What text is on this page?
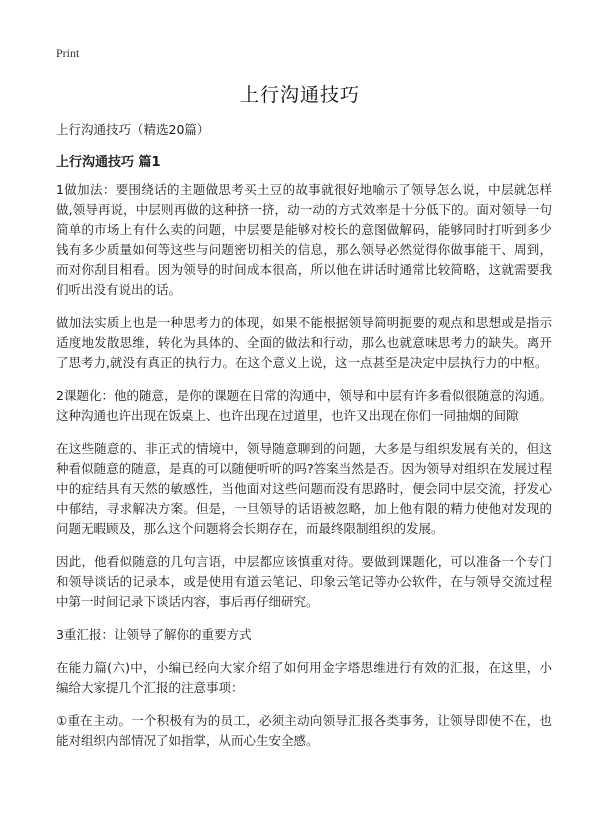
Print
上行沟通技巧

上行沟通技巧（精选20篇）

上行沟通技巧 篇1

1做加法：要围绕话的主题做思考买土豆的故事就很好地喻示了领导怎么说，中层就怎样做,领导再说，中层则再做的这种挤一挤，动一动的方式效率是十分低下的。面对领导一句简单的市场上有什么卖的问题，中层要是能够对校长的意图做解码，能够同时打听到多少钱有多少质量如何等这些与问题密切相关的信息，那么领导必然觉得你做事能干、周到，而对你刮目相看。因为领导的时间成本很高，所以他在讲话时通常比较简略，这就需要我们听出没有说出的话。

做加法实质上也是一种思考力的体现，如果不能根据领导简明扼要的观点和思想或是指示适度地发散思维，转化为具体的、全面的做法和行动，那么也就意味思考力的缺失。离开了思考力,就没有真正的执行力。在这个意义上说，这一点甚至是决定中层执行力的中枢。

2课题化：他的随意，是你的课题在日常的沟通中，领导和中层有许多看似很随意的沟通。这种沟通也许出现在饭桌上、也许出现在过道里，也许又出现在你们一同抽烟的间隙

在这些随意的、非正式的情境中，领导随意聊到的问题，大多是与组织发展有关的，但这种看似随意的随意，是真的可以随便听听的吗?答案当然是否。因为领导对组织在发展过程中的症结具有天然的敏感性，当他面对这些问题而没有思路时，便会同中层交流，抒发心中郁结，寻求解决方案。但是，一旦领导的话语被忽略，加上他有限的精力使他对发现的问题无暇顾及，那么这个问题将会长期存在，而最终限制组织的发展。

因此，他看似随意的几句言语，中层都应该慎重对待。要做到课题化，可以准备一个专门和领导谈话的记录本，或是使用有道云笔记、印象云笔记等办公软件，在与领导交流过程中第一时间记录下谈话内容，事后再仔细研究。

3重汇报：让领导了解你的重要方式

在能力篇(六)中，小编已经向大家介绍了如何用金字塔思维进行有效的汇报，在这里，小编给大家提几个汇报的注意事项：

①重在主动。一个积极有为的员工，必须主动向领导汇报各类事务，让领导即使不在，也能对组织内部情况了如指掌，从而心生安全感。
